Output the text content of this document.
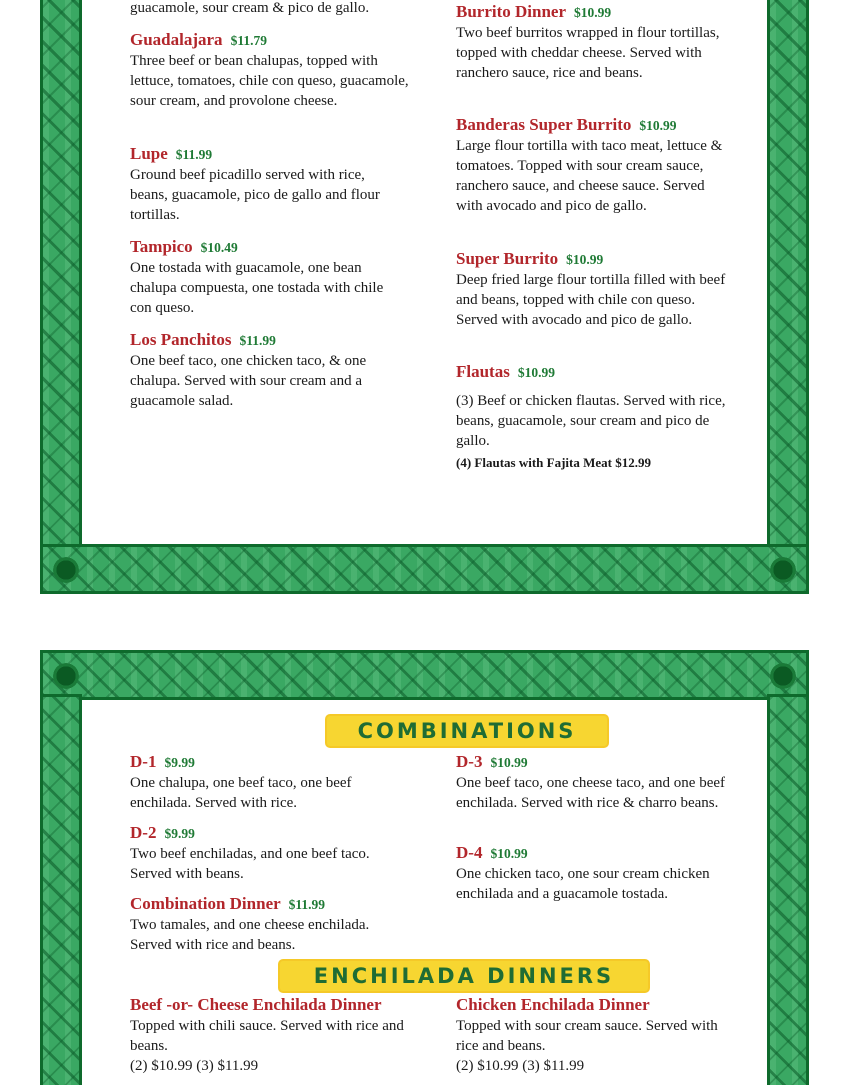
guacamole, sour cream & pico de gallo.
Guadalajara $11.79
Three beef or bean chalupas, topped with lettuce, tomatoes, chile con queso, guacamole, sour cream, and provolone cheese.
Lupe $11.99
Ground beef picadillo served with rice, beans, guacamole, pico de gallo and flour tortillas.
Tampico $10.49
One tostada with guacamole, one bean chalupa compuesta, one tostada with chile con queso.
Los Panchitos $11.99
One beef taco, one chicken taco, & one chalupa. Served with sour cream and a guacamole salad.
Burrito Dinner $10.99
Two beef burritos wrapped in flour tortillas, topped with cheddar cheese. Served with ranchero sauce, rice and beans.
Banderas Super Burrito $10.99
Large flour tortilla with taco meat, lettuce & tomatoes. Topped with sour cream sauce, ranchero sauce, and cheese sauce. Served with avocado and pico de gallo.
Super Burrito $10.99
Deep fried large flour tortilla filled with beef and beans, topped with chile con queso. Served with avocado and pico de gallo.
Flautas $10.99
(3) Beef or chicken flautas. Served with rice, beans, guacamole, sour cream and pico de gallo.
(4) Flautas with Fajita Meat $12.99
COMBINATIONS
D-1 $9.99
One chalupa, one beef taco, one beef enchilada. Served with rice.
D-2 $9.99
Two beef enchiladas, and one beef taco. Served with beans.
Combination Dinner $11.99
Two tamales, and one cheese enchilada. Served with rice and beans.
D-3 $10.99
One beef taco, one cheese taco, and one beef enchilada. Served with rice & charro beans.
D-4 $10.99
One chicken taco, one sour cream chicken enchilada and a guacamole tostada.
ENCHILADA DINNERS
Beef -or- Cheese Enchilada Dinner
Topped with chili sauce. Served with rice and beans.
(2) $10.99 (3) $11.99
Chicken Enchilada Dinner
Topped with sour cream sauce. Served with rice and beans.
(2) $10.99 (3) $11.99
